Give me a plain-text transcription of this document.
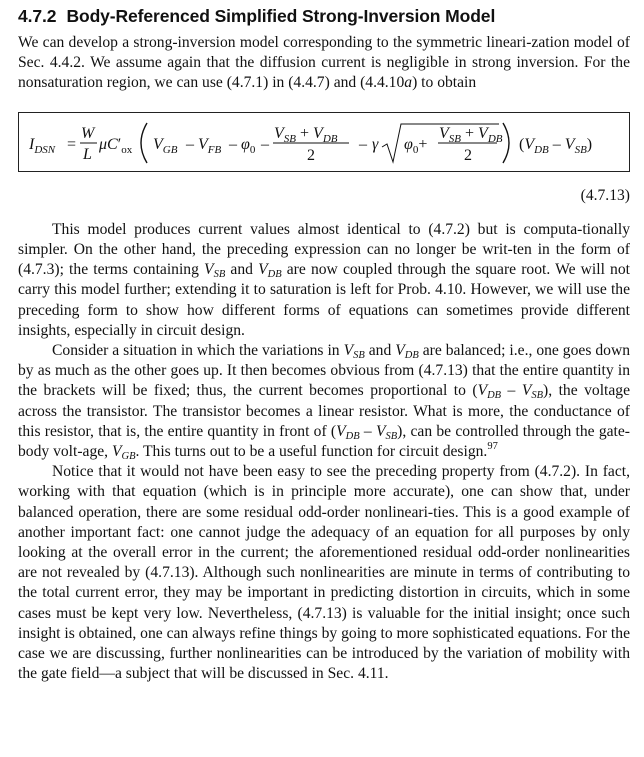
4.7.2 Body-Referenced Simplified Strong-Inversion Model

We can develop a strong-inversion model corresponding to the symmetric lineari-zation model of Sec. 4.4.2. We assume again that the diffusion current is negligible in strong inversion. For the nonsaturation region, we can use (4.7.1) in (4.4.7) and (4.4.10a) to obtain

$I_{DSN}$ =
W
L
$\mu C'_{ox}$ $V_{GB} - V_{FB} - \varphi_0$ –
$V_{SB} + V_{DB}$
2
– γ $\varphi_0+$
$V_{SB} + V_{DB}$
2
$(V_{DB} - V_{SB})$
(4.7.13)

This model produces current values almost identical to (4.7.2) but is computa-tionally simpler. On the other hand, the preceding expression can no longer be writ-ten in the form of (4.7.3); the terms containing $V_{SB}$ and $V_{DB}$ are now coupled through the square root. We will not carry this model further; extending it to saturation is left for Prob. 4.10. However, we will use the preceding form to show how different forms of equations can sometimes provide different insights, especially in circuit design.

Consider a situation in which the variations in $V_{SB}$ and $V_{DB}$ are balanced; i.e., one goes down by as much as the other goes up. It then becomes obvious from (4.7.13) that the entire quantity in the brackets will be fixed; thus, the current becomes proportional to $(V_{DB} - V_{SB})$, the voltage across the transistor. The transistor becomes a linear resistor. What is more, the conductance of this resistor, that is, the entire quantity in front of $(V_{DB} - V_{SB})$, can be controlled through the gate-body volt-age, $V_{GB}$. This turns out to be a useful function for circuit design.$^{97}$

Notice that it would not have been easy to see the preceding property from (4.7.2). In fact, working with that equation (which is in principle more accurate), one can show that, under balanced operation, there are some residual odd-order nonlineari-ties. This is a good example of another important fact: one cannot judge the adequacy of an equation for all purposes by only looking at the overall error in the current; the aforementioned residual odd-order nonlinearities are not revealed by (4.7.13). Although such nonlinearities are minute in terms of contributing to the total current error, they may be important in predicting distortion in circuits, which in some cases must be kept very low. Nevertheless, (4.7.13) is valuable for the initial insight; once such insight is obtained, one can always refine things by going to more sophisticated equations. For the case we are discussing, further nonlinearities can be introduced by the variation of mobility with the gate field—a subject that will be discussed in Sec. 4.11.
